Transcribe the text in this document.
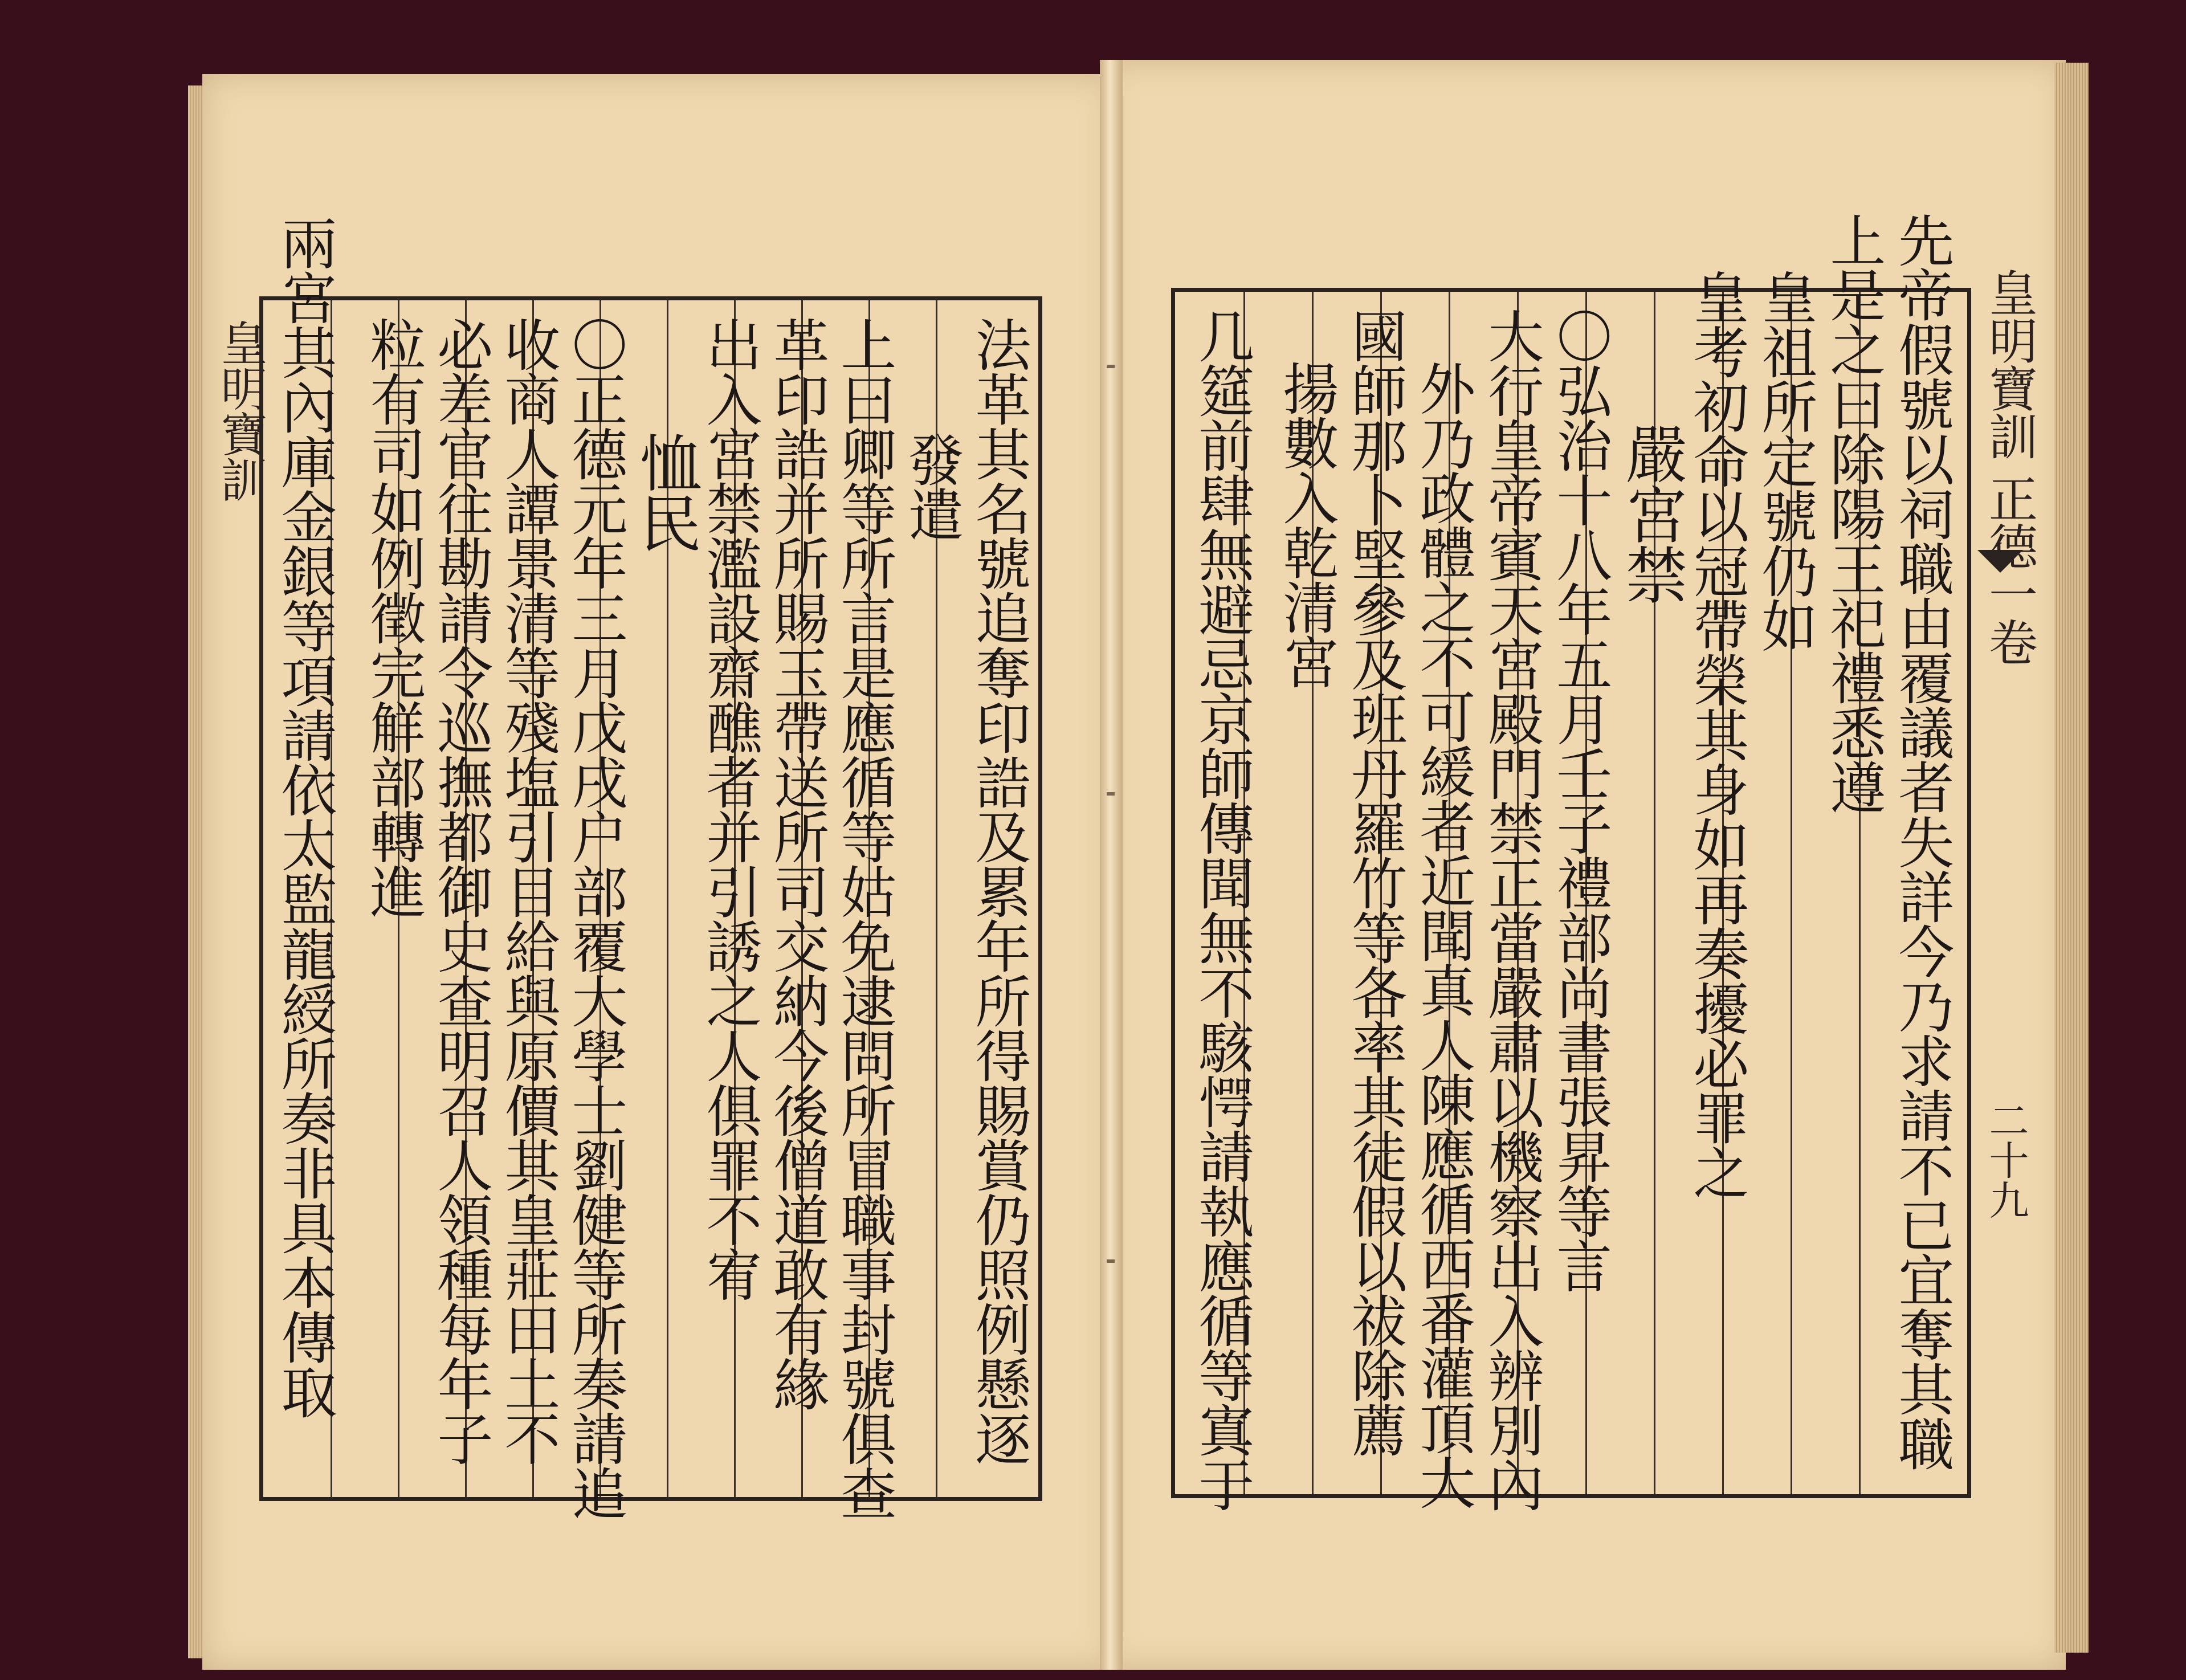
皇明寶訓	法革其名號追奪印誥及累年所得賜賞仍照例懸逐
發遣
上曰卿等所言是應循等姑免逮問所冒職事封號俱查
革印誥并所賜玉帶送所司交納今後僧道敢有緣
出入宮禁濫設齋醮者并引誘之人俱罪不宥
恤民
〇正德元年三月戊戌户部覆大學士劉健等所奏請追
收商人譚景清等殘塩引目給與原價其皇莊田土不
必差官往勘請令巡撫都御史查明召人領種每年子
粒有司如例徵完觧部轉進
兩宮其內庫金銀等項請依太監龍綬所奏非具本傳取	先帝假號以祠職由覆議者失詳今乃求請不已宜奪其職
上是之曰除陽王祀禮悉遵
皇祖所定號仍如
皇考初命以冠帶榮其身如再奏擾必罪之
嚴宮禁
〇弘治十八年五月壬子禮部尚書張昇等言
大行皇帝賓天宮殿門禁正當嚴肅以機察出入辨別內
外乃政體之不可緩者近聞真人陳應循西番灌頂大
國師那卜堅參及班丹羅竹等各率其徒假以祓除薦
揚數入乾清宮
几筵前肆無避忌京師傳聞無不駭愕請執應循等寘于	皇明寶訓 正德一卷
二十九
